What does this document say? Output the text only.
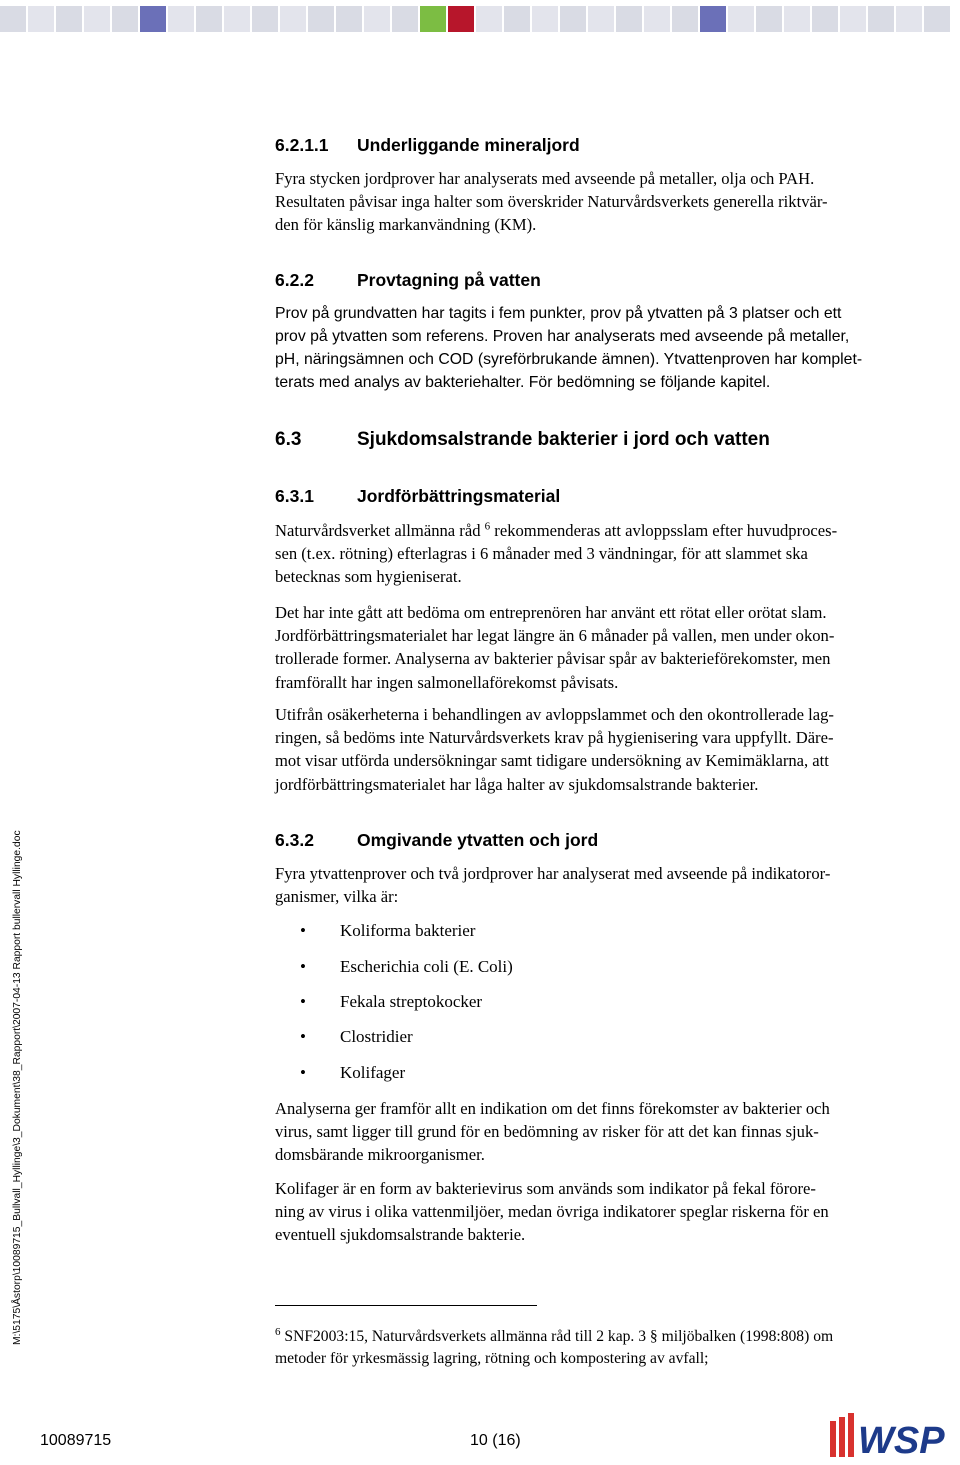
6.2.1.1 Underliggande mineraljord
Fyra stycken jordprover har analyserats med avseende på metaller, olja och PAH.
Resultaten påvisar inga halter som överskrider Naturvårdsverkets generella riktvär-
den för känslig markanvändning (KM).
6.2.2 Provtagning på vatten
Prov på grundvatten har tagits i fem punkter, prov på ytvatten på 3 platser och ett
prov på ytvatten som referens. Proven har analyserats med avseende på metaller,
pH, näringsämnen och COD (syreförbrukande ämnen). Ytvattenproven har komplet-
terats med analys av bakteriehalter. För bedömning se följande kapitel.
6.3	Sjukdomsalstrande bakterier i jord och vatten
6.3.1 Jordförbättringsmaterial
Naturvårdsverket allmänna råd $^6$ rekommenderas att avloppsslam efter huvudproces-
sen (t.ex. rötning) efterlagras i 6 månader med 3 vändningar, för att slammet ska
betecknas som hygieniserat.
Det har inte gått att bedöma om entreprenören har använt ett rötat eller orötat slam.
Jordförbättringsmaterialet har legat längre än 6 månader på vallen, men under okon-
trollerade former. Analyserna av bakterier påvisar spår av bakterieförekomster, men
framförallt har ingen salmonellaförekomst påvisats.
Utifrån osäkerheterna i behandlingen av avloppslammet och den okontrollerade lag-
ringen, så bedöms inte Naturvårdsverkets krav på hygienisering vara uppfyllt. Däre-
mot visar utförda undersökningar samt tidigare undersökning av Kemimäklarna, att
jordförbättringsmaterialet har låga halter av sjukdomsalstrande bakterier.
6.3.2 Omgivande ytvatten och jord
Fyra ytvattenprover och två jordprover har analyserat med avseende på indikatoror-
ganismer, vilka är:
• Koliforma bakterier
• Escherichia coli (E. Coli)
• Fekala streptokocker
• Clostridier
• Kolifager
Analyserna ger framför allt en indikation om det finns förekomster av bakterier och
virus, samt ligger till grund för en bedömning av risker för att det kan finnas sjuk-
domsbärande mikroorganismer.
Kolifager är en form av bakterievirus som används som indikator på fekal förore-
ning av virus i olika vattenmiljöer, medan övriga indikatorer speglar riskerna för en
eventuell sjukdomsalstrande bakterie.
$^6$ SNF2003:15, Naturvårdsverkets allmänna råd till 2 kap. 3 § miljöbalken (1998:808) om
metoder för yrkesmässig lagring, rötning och kompostering av avfall;
M:\5175\Åstorp\10089715_Bullvall_Hyllinge\3_Dokument\38_Rapport\2007-04-13 Rapport bullervall Hyllinge.doc
10089715	10 (16)	WSP
